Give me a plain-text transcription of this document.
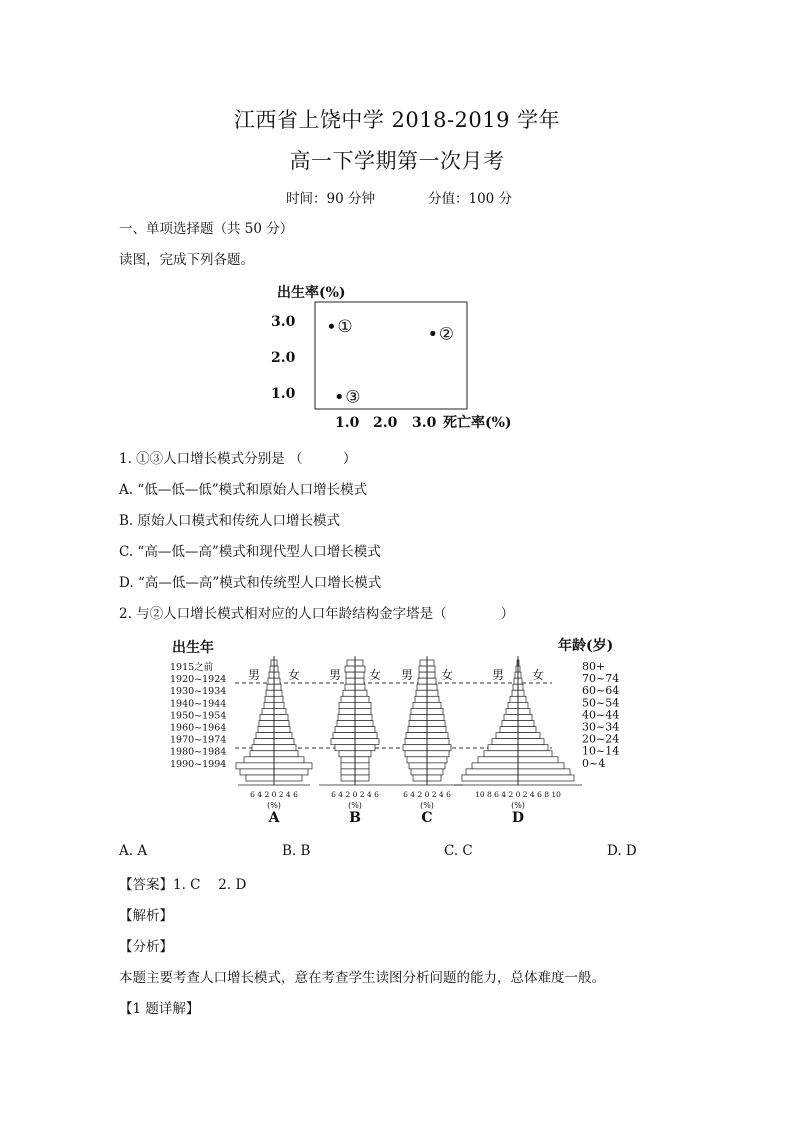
江西省上饶中学 2018-2019 学年
高一下学期第一次月考
时间：90 分钟	分值：100 分
一、单项选择题（共 50 分）
读图，完成下列各题。
出生率(%)
3.0
2.0
1.0
1.0 2.0 3.0 死亡率(%)
①	②
③
1. ①③人口增长模式分别是 （　　　）
A. “低—低—低”模式和原始人口增长模式
B. 原始人口模式和传统人口增长模式
C. “高—低—高”模式和现代型人口增长模式
D. “高—低—高”模式和传统型人口增长模式
2. 与②人口增长模式相对应的人口年龄结构金字塔是（　　　　）
出生年	年龄(岁)
1915之前
1920~1924
1930~1934
1940~1944
1950~1954
1960~1964
1970~1974
1980~1984
1990~1994
80+
70~74
60~64
50~54
40~44
30~34
20~24
10~14
0~4
男 女
6 4 2 0 2 4 6
(%)
A
男 女
6 4 2 0 2 4 6
(%)
B
男 女
6 4 2 0 2 4 6
(%)
C
男 女
10 8 6 4 2 0 2 4 6 8 10
(%)
D
A. A	B. B	C. C	D. D
【答案】1. C　 2. D
【解析】
【分析】
本题主要考查人口增长模式，意在考查学生读图分析问题的能力，总体难度一般。
【1 题详解】
